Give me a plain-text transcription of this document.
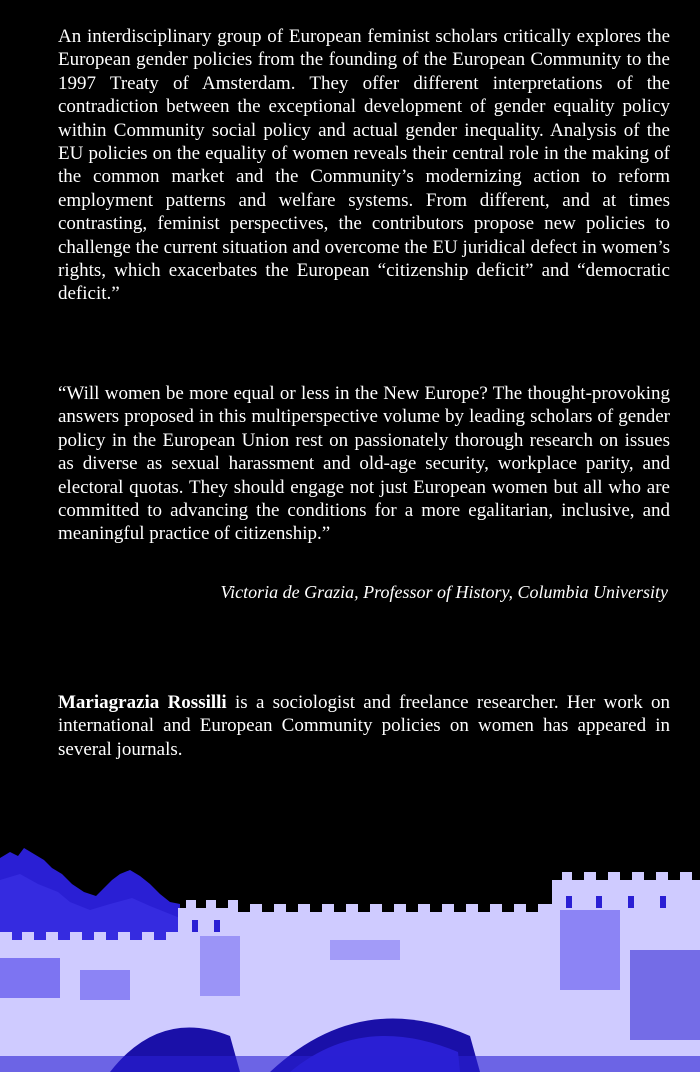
An interdisciplinary group of European feminist scholars critically explores the European gender policies from the founding of the European Community to the 1997 Treaty of Amsterdam. They offer different interpretations of the contradiction between the exceptional development of gender equality policy within Community social policy and actual gender inequality. Analysis of the EU policies on the equality of women reveals their central role in the making of the common market and the Community’s modernizing action to reform employment patterns and welfare systems. From different, and at times contrasting, feminist perspectives, the contributors propose new policies to challenge the current situation and overcome the EU juridical defect in women’s rights, which exacerbates the European “citizenship deficit” and “democratic deficit.”

“Will women be more equal or less in the New Europe? The thought-provoking answers proposed in this multiperspective volume by leading scholars of gender policy in the European Union rest on passionately thorough research on issues as diverse as sexual harassment and old-age security, workplace parity, and electoral quotas. They should engage not just European women but all who are committed to advancing the conditions for a more egalitarian, inclusive, and meaningful practice of citizenship.”

Victoria de Grazia, Professor of History, Columbia University
Mariagrazia Rossilli is a sociologist and freelance researcher. Her work on international and European Community policies on women has appeared in several journals.
